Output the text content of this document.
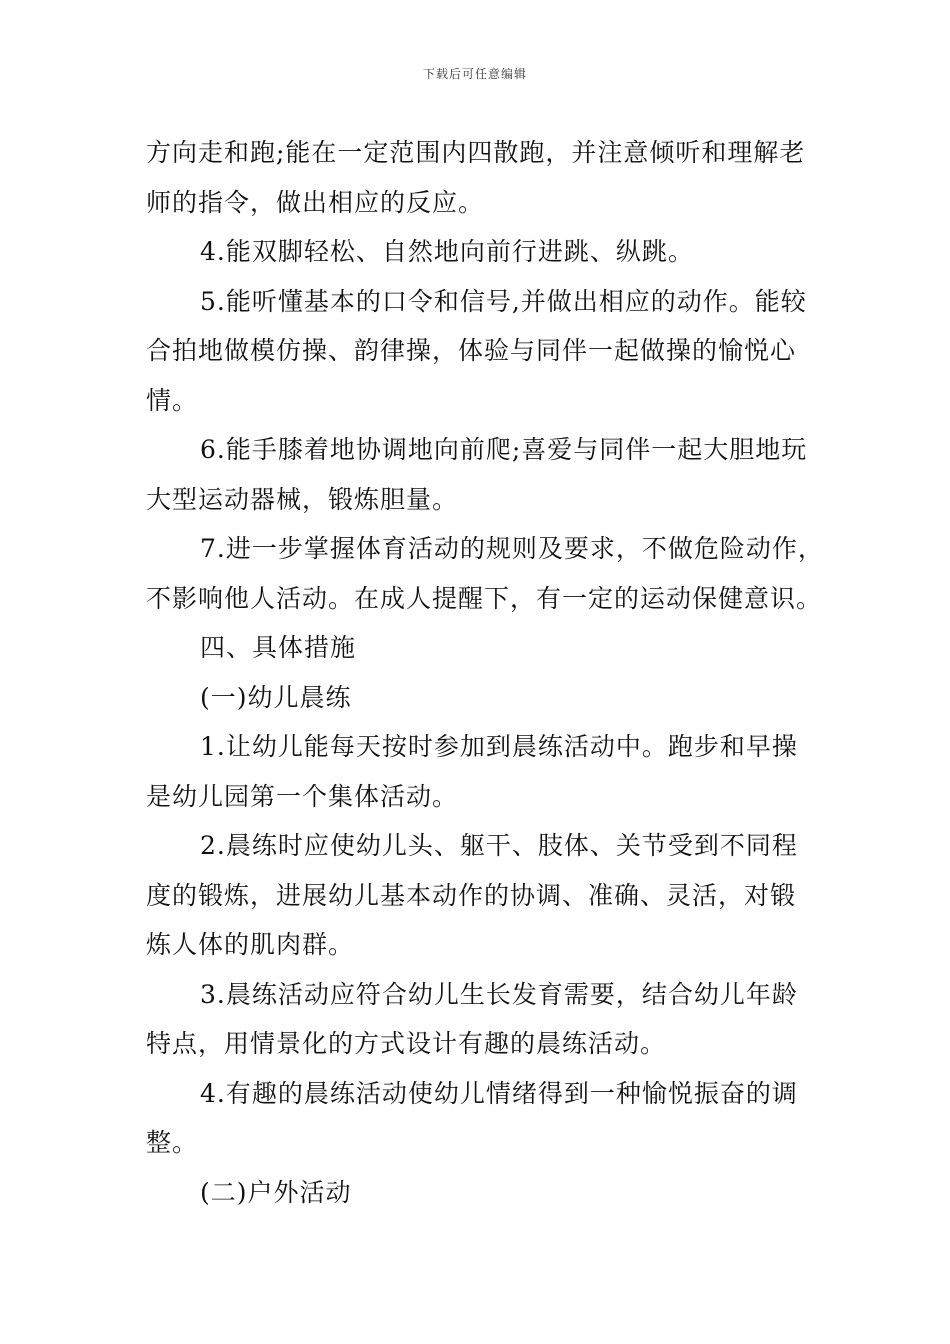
下载后可任意编辑
方向走和跑;能在一定范围内四散跑，并注意倾听和理解老
师的指令，做出相应的反应。
4.能双脚轻松、自然地向前行进跳、纵跳。
5.能听懂基本的口令和信号,并做出相应的动作。能较
合拍地做模仿操、韵律操，体验与同伴一起做操的愉悦心
情。
6.能手膝着地协调地向前爬;喜爱与同伴一起大胆地玩
大型运动器械，锻炼胆量。
7.进一步掌握体育活动的规则及要求，不做危险动作，
不影响他人活动。在成人提醒下，有一定的运动保健意识。
四、具体措施
(一)幼儿晨练
1.让幼儿能每天按时参加到晨练活动中。跑步和早操
是幼儿园第一个集体活动。
2.晨练时应使幼儿头、躯干、肢体、关节受到不同程
度的锻炼，进展幼儿基本动作的协调、准确、灵活，对锻
炼人体的肌肉群。
3.晨练活动应符合幼儿生长发育需要，结合幼儿年龄
特点，用情景化的方式设计有趣的晨练活动。
4.有趣的晨练活动使幼儿情绪得到一种愉悦振奋的调
整。
(二)户外活动
